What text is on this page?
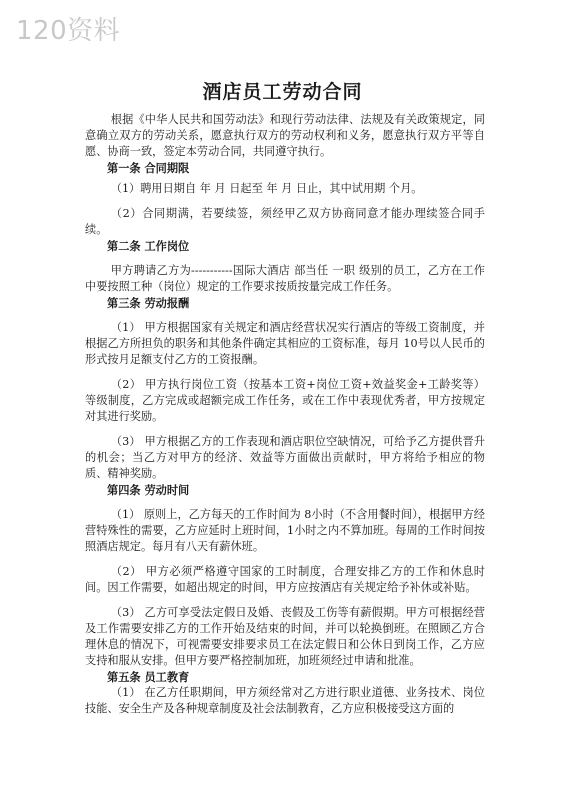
120资料
酒店员工劳动合同

根据《中华人民共和国劳动法》和现行劳动法律、法规及有关政策规定，同意确立双方的劳动关系，愿意执行双方的劳动权利和义务，愿意执行双方平等自愿、协商一致，签定本劳动合同，共同遵守执行。

第一条 合同期限

（1）聘用日期自 年 月 日起至 年 月 日止，其中试用期 个月。

（2）合同期满，若要续签，须经甲乙双方协商同意才能办理续签合同手续。

第二条 工作岗位

甲方聘请乙方为-----------国际大酒店 部当任 一职 级别的员工，乙方在工作中要按照工种（岗位）规定的工作要求按质按量完成工作任务。

第三条 劳动报酬

（1） 甲方根据国家有关规定和酒店经营状况实行酒店的等级工资制度，并根据乙方所担负的职务和其他条件确定其相应的工资标准，每月 10号以人民币的形式按月足额支付乙方的工资报酬。

（2） 甲方执行岗位工资（按基本工资+岗位工资+效益奖金+工龄奖等）等级制度，乙方完成或超额完成工作任务，或在工作中表现优秀者，甲方按规定对其进行奖励。

（3） 甲方根据乙方的工作表现和酒店职位空缺情况，可给予乙方提供晋升的机会；当乙方对甲方的经济、效益等方面做出贡献时，甲方将给予相应的物质、精神奖励。

第四条 劳动时间

（1） 原则上，乙方每天的工作时间为 8小时（不含用餐时间），根据甲方经营特殊性的需要，乙方应延时上班时间，1小时之内不算加班。每周的工作时间按照酒店规定。每月有八天有薪休班。

（2） 甲方必须严格遵守国家的工时制度，合理安排乙方的工作和休息时间。因工作需要，如超出规定的时间，甲方应按酒店有关规定给予补休或补贴。

（3） 乙方可享受法定假日及婚、丧假及工伤等有薪假期。甲方可根据经营及工作需要安排乙方的工作开始及结束的时间，并可以轮换倒班。在照顾乙方合理休息的情况下，可视需要安排要求员工在法定假日和公休日到岗工作，乙方应支持和服从安排。但甲方要严格控制加班，加班须经过申请和批准。

第五条 员工教育

（1） 在乙方任职期间，甲方须经常对乙方进行职业道德、业务技术、岗位技能、安全生产及各种规章制度及社会法制教育，乙方应积极接受这方面的
